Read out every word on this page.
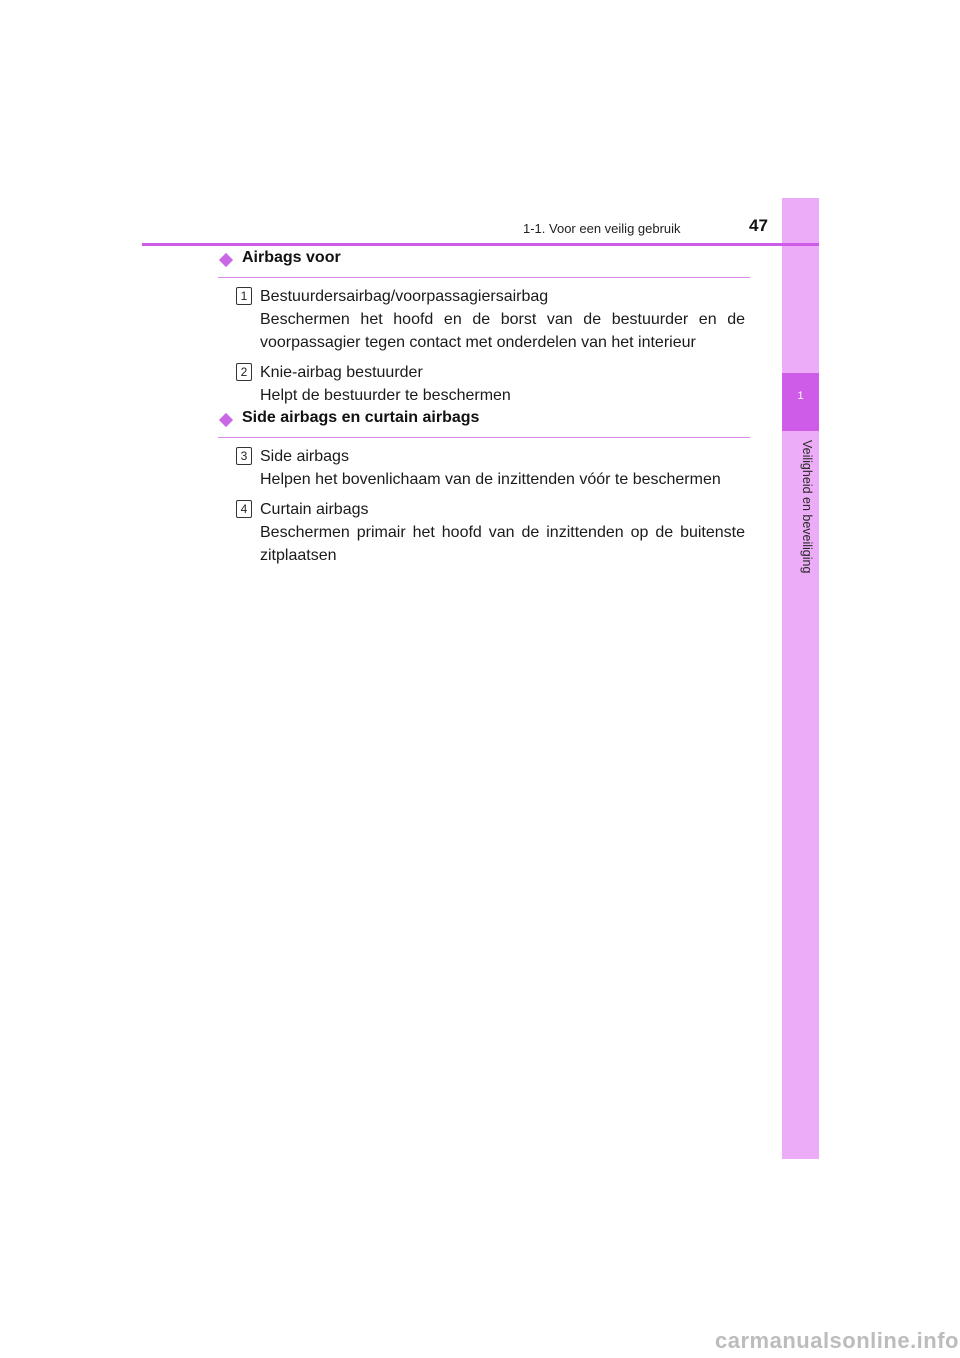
1
Veiligheid en beveiliging
1-1. Voor een veilig gebruik	47
Airbags voor
1 Bestuurdersairbag/voorpassagiersairbag
Beschermen het hoofd en de borst van de bestuurder en de voorpassagier tegen contact met onderdelen van het interieur
2 Knie-airbag bestuurder
Helpt de bestuurder te beschermen
Side airbags en curtain airbags
3 Side airbags
Helpen het bovenlichaam van de inzittenden vóór te beschermen
4 Curtain airbags
Beschermen primair het hoofd van de inzittenden op de buitenste zitplaatsen
carmanualsonline.info
